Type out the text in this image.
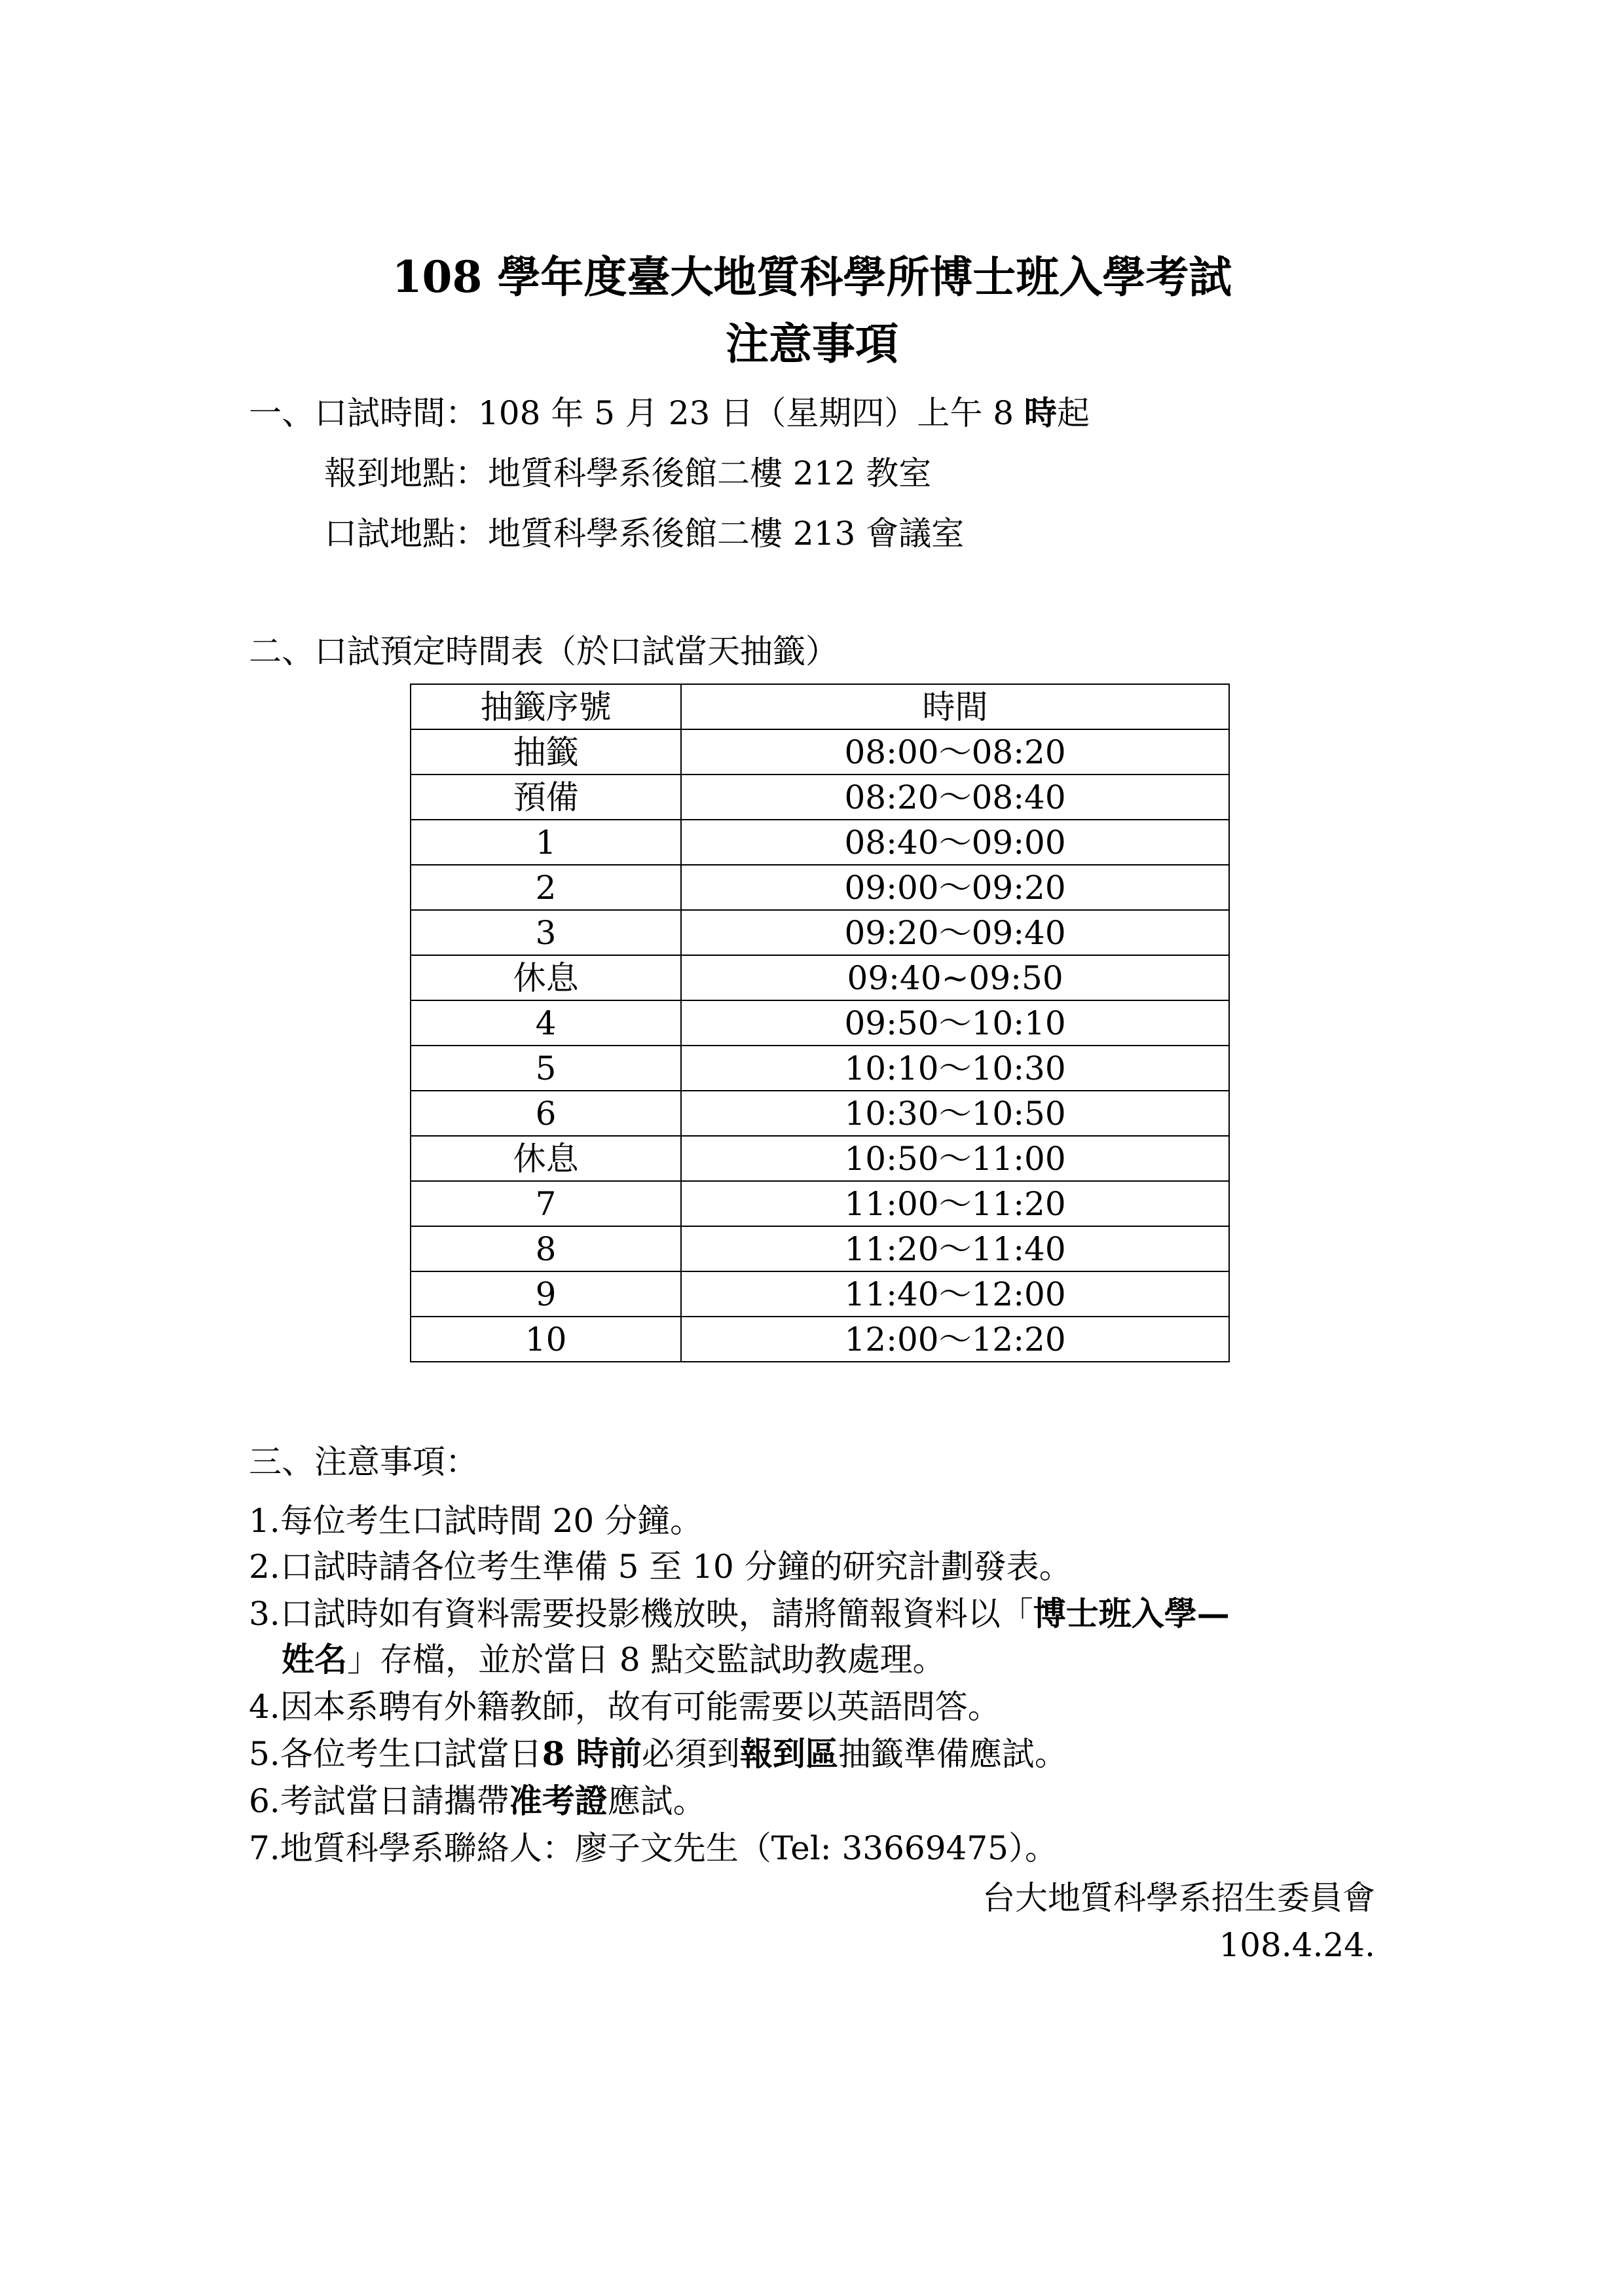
108 學年度臺大地質科學所博士班入學考試
注意事項
一、口試時間：108 年 5 月 23 日（星期四）上午 8 時起
報到地點：地質科學系後館二樓 212 教室
口試地點：地質科學系後館二樓 213 會議室
二、口試預定時間表（於口試當天抽籤）
抽籤序號	時間
抽籤	08:00〜08:20
預備	08:20〜08:40
1	08:40〜09:00
2	09:00〜09:20
3	09:20〜09:40
休息	09:40~09:50
4	09:50〜10:10
5	10:10〜10:30
6	10:30〜10:50
休息	10:50〜11:00
7	11:00〜11:20
8	11:20〜11:40
9	11:40〜12:00
10	12:00〜12:20
三、注意事項：
1.每位考生口試時間 20 分鐘。
2.口試時請各位考生準備 5 至 10 分鐘的研究計劃發表。
3.口試時如有資料需要投影機放映，請將簡報資料以「博士班入學—
姓名」存檔，並於當日 8 點交監試助教處理。
4.因本系聘有外籍教師，故有可能需要以英語問答。
5.各位考生口試當日8 時前必須到報到區抽籤準備應試。
6.考試當日請攜帶准考證應試。
7.地質科學系聯絡人：廖子文先生（Tel: 33669475）。
台大地質科學系招生委員會
108.4.24.
